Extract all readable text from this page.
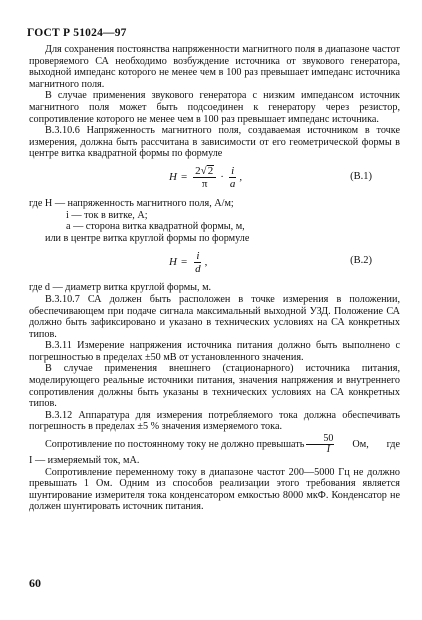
ГОСТ Р 51024—97

Для сохранения постоянства напряженности магнитного поля в диапазоне частот проверяемого СА необходимо возбуждение источника от звукового генератора, выходной импеданс которого не менее чем в 100 раз превышает импеданс источника магнитного поля.

В случае применения звукового генератора с низким импедансом источник магнитного поля может быть подсоединен к генератору через резистор, сопротивление которого не менее чем в 100 раз превышает импеданс источника.

В.3.10.6 Напряженность магнитного поля, создаваемая источником в точке измерения, должна быть рассчитана в зависимости от его геометрической формы в центре витка квадратной формы по формуле

$H = \frac{2√ 2}{\pi} \cdot \frac{i}{a}$ ,	(В.1)

где H — напряженность магнитного поля, А/м;

i — ток в витке, А;

a — сторона витка квадратной формы, м,

или в центре витка круглой формы по формуле

$H = \frac{i}{d}$ ,	(В.2)

где d — диаметр витка круглой формы, м.

В.3.10.7 СА должен быть расположен в точке измерения в положении, обеспечивающем при подаче сигнала максимальный выходной УЗД. Положение СА должно быть зафиксировано и указано в технических условиях на СА конкретных типов.

В.3.11 Измерение напряжения источника питания должно быть выполнено с погрешностью в пределах ±50 мВ от установленного значения.

В случае применения внешнего (стационарного) источника питания, моделирующего реальные источники питания, значения напряжения и внутреннего сопротивления должны быть указаны в технических условиях на СА конкретных типов.

В.3.12 Аппаратура для измерения потребляемого тока должна обеспечивать погрешность в пределах ±5 % значения измеряемого тока.

Сопротивление по постоянному току не должно превышать $\frac{50}{I}$	Ом, где

I — измеряемый ток, мА.

Сопротивление переменному току в диапазоне частот 200—5000 Гц не должно превышать 1 Ом. Одним из способов реализации этого требования является шунтирование измерителя тока конденсатором емкостью 8000 мкФ. Конденсатор не должен шунтировать источник питания.

60
